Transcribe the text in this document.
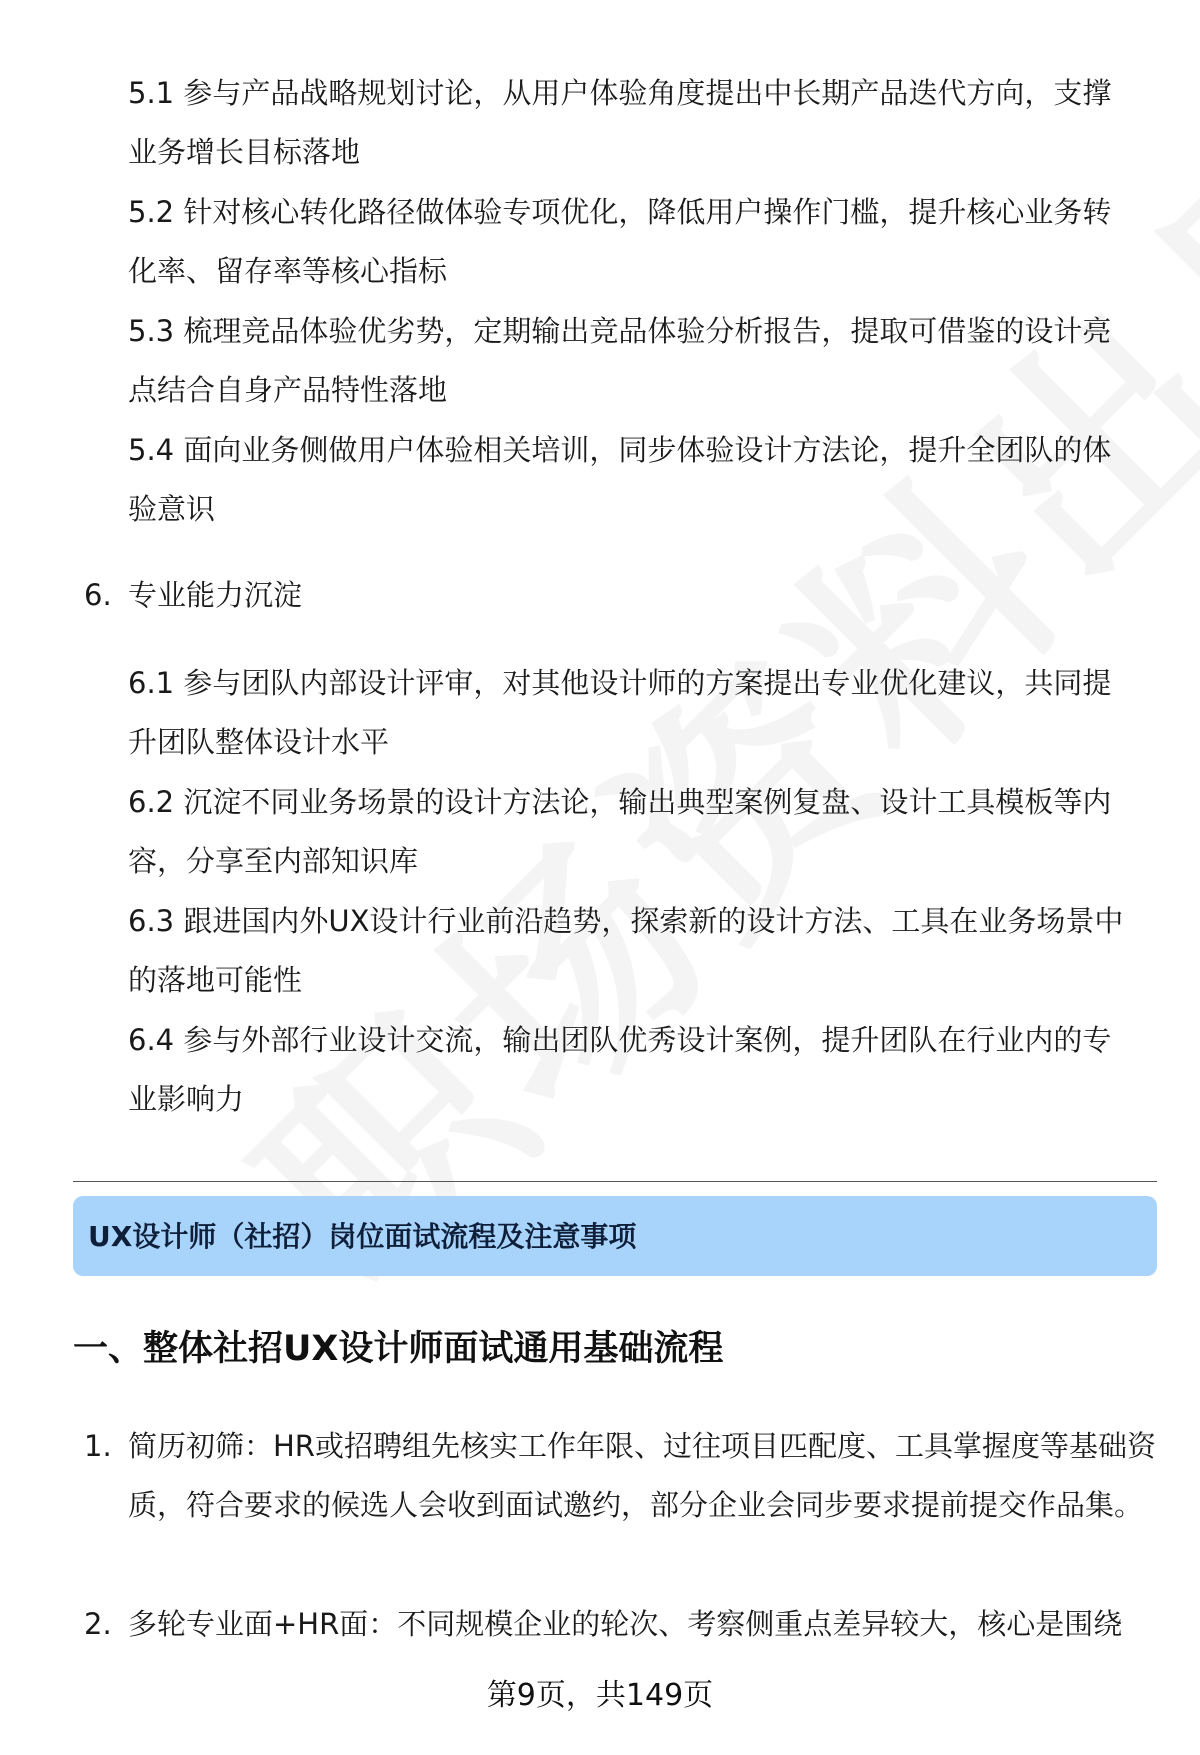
5.1 参与产品战略规划讨论，从用户体验角度提出中长期产品迭代方向，支撑业务增长目标落地

5.2 针对核心转化路径做体验专项优化，降低用户操作门槛，提升核心业务转化率、留存率等核心指标

5.3 梳理竞品体验优劣势，定期输出竞品体验分析报告，提取可借鉴的设计亮点结合自身产品特性落地

5.4 面向业务侧做用户体验相关培训，同步体验设计方法论，提升全团队的体验意识

6. 专业能力沉淀

6.1 参与团队内部设计评审，对其他设计师的方案提出专业优化建议，共同提升团队整体设计水平

6.2 沉淀不同业务场景的设计方法论，输出典型案例复盘、设计工具模板等内容，分享至内部知识库

6.3 跟进国内外UX设计行业前沿趋势，探索新的设计方法、工具在业务场景中的落地可能性

6.4 参与外部行业设计交流，输出团队优秀设计案例，提升团队在行业内的专业影响力

UX设计师（社招）岗位面试流程及注意事项
一、整体社招UX设计师面试通用基础流程
1. 简历初筛：HR或招聘组先核实工作年限、过往项目匹配度、工具掌握度等基础资质，符合要求的候选人会收到面试邀约，部分企业会同步要求提前提交作品集。

2. 多轮专业面+HR面：不同规模企业的轮次、考察侧重点差异较大，核心是围绕

第9页，共149页
